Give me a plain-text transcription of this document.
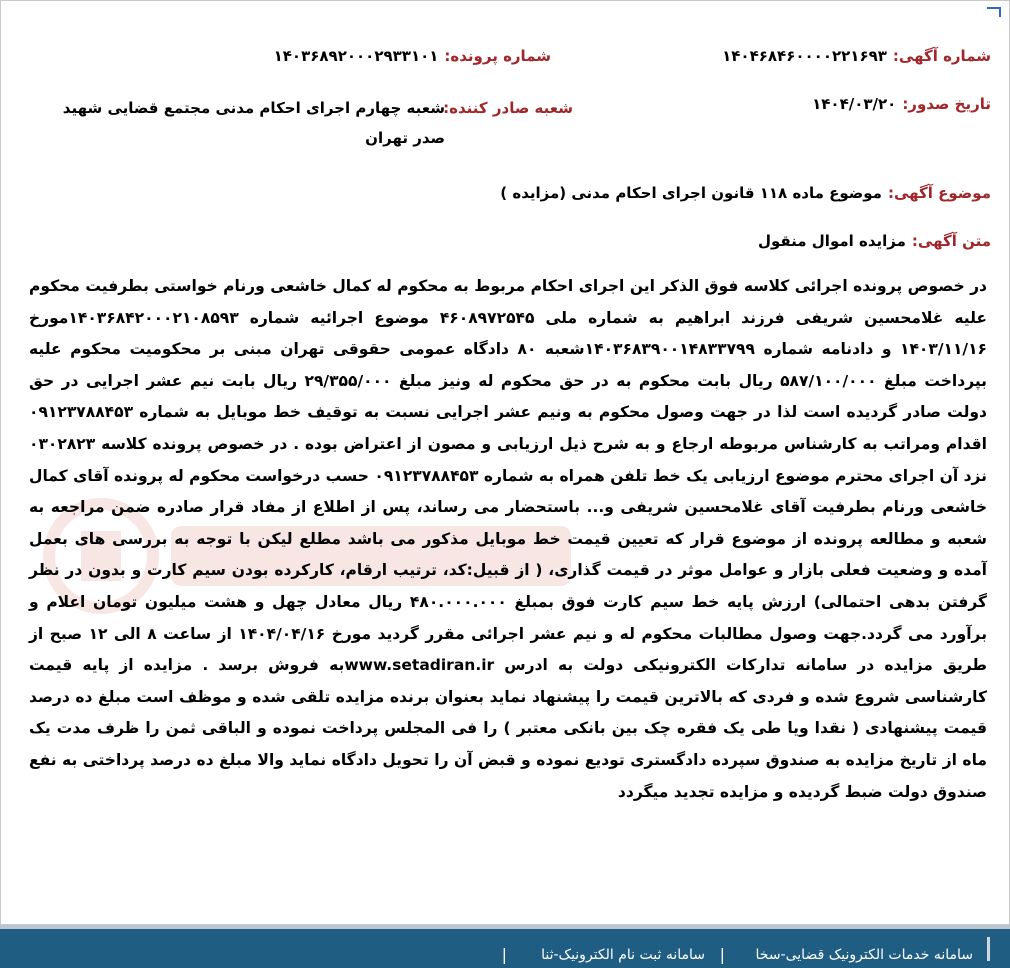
شماره آگهی:۱۴۰۴۶۸۴۶۰۰۰۰۲۲۱۶۹۳
شماره پرونده:۱۴۰۳۶۸۹۲۰۰۰۲۹۳۳۱۰۱
تاریخ صدور:۱۴۰۴/۰۳/۲۰
شعبه صادر کننده:
شعبه چهارم اجرای احکام مدنی مجتمع قضایی شهید صدر تهران
موضوع آگهی:موضوع ماده ۱۱۸ قانون اجرای احکام مدنی (مزایده )
متن آگهی:مزایده اموال منقول
در خصوص پرونده اجرائی کلاسه فوق الذکر این اجرای احکام مربوط به محکوم له کمال خاشعی ورنام خواستی بطرفیت محکوم علیه غلامحسین شریفی فرزند ابراهیم به شماره ملی ۴۶۰۸۹۷۲۵۴۵ موضوع اجرائیه شماره ۱۴۰۳۶۸۴۲۰۰۰۲۱۰۸۵۹۳مورخ ۱۴۰۳/۱۱/۱۶ و دادنامه شماره ۱۴۰۳۶۸۳۹۰۰۱۴۸۳۳۷۹۹شعبه ۸۰ دادگاه عمومی حقوقی تهران مبنی بر محکومیت محکوم علیه بپرداخت مبلغ ۵۸۷/۱۰۰/۰۰۰ ریال بابت محکوم به در حق محکوم له ونیز مبلغ ۲۹/۳۵۵/۰۰۰ ریال بابت نیم عشر اجرایی در حق دولت صادر گردیده است لذا در جهت وصول محکوم به ونیم عشر اجرایی نسبت به توقیف خط موبایل به شماره ۰۹۱۲۳۷۸۸۴۵۳ اقدام ومراتب به کارشناس مربوطه ارجاع و به شرح ذیل ارزیابی و مصون از اعتراض بوده . در خصوص پرونده کلاسه ۰۳۰۲۸۲۳ نزد آن اجرای محترم موضوع ارزیابی یک خط تلفن همراه به شماره ۰۹۱۲۳۷۸۸۴۵۳ حسب درخواست محکوم له پرونده آقای کمال خاشعی ورنام بطرفیت آقای غلامحسین شریفی و... باستحضار می رساند، پس از اطلاع از مفاد قرار صادره ضمن مراجعه به شعبه و مطالعه پرونده از موضوع قرار که تعیین قیمت خط موبایل مذکور می باشد مطلع لیکن با توجه به بررسی های بعمل آمده و وضعیت فعلی بازار و عوامل موثر در قیمت گذاری، ( از قبیل:کد، ترتیب ارقام، کارکرده بودن سیم کارت و بدون در نظر گرفتن بدهی احتمالی) ارزش پایه خط سیم کارت فوق بمبلغ ۴۸۰.۰۰۰.۰۰۰ ریال معادل چهل و هشت میلیون تومان اعلام و برآورد می گردد.جهت وصول مطالبات محکوم له و نیم عشر اجرائی مقرر گردید مورخ ۱۴۰۴/۰۴/۱۶ از ساعت ۸ الی ۱۲ صبح از طریق مزایده در سامانه تدارکات الکترونیکی دولت به ادرس www.setadiran.irبه فروش برسد . مزایده از پایه قیمت کارشناسی شروع شده و فردی که بالاترین قیمت را پیشنهاد نماید بعنوان برنده مزایده تلقی شده و موظف است مبلغ ده درصد قیمت پیشنهادی ( نقدا ویا طی یک فقره چک بین بانکی معتبر ) را فی المجلس پرداخت نموده و الباقی ثمن را ظرف مدت یک ماه از تاریخ مزایده به صندوق سپرده دادگستری تودیع نموده و قبض آن را تحویل دادگاه نماید والا مبلغ ده درصد پرداختی به نفع صندوق دولت ضبط گردیده و مزایده تجدید میگردد
سامانه خدمات الکترونیک قضایی-سخا
|
سامانه ثبت نام الکترونیک-ثنا
|
